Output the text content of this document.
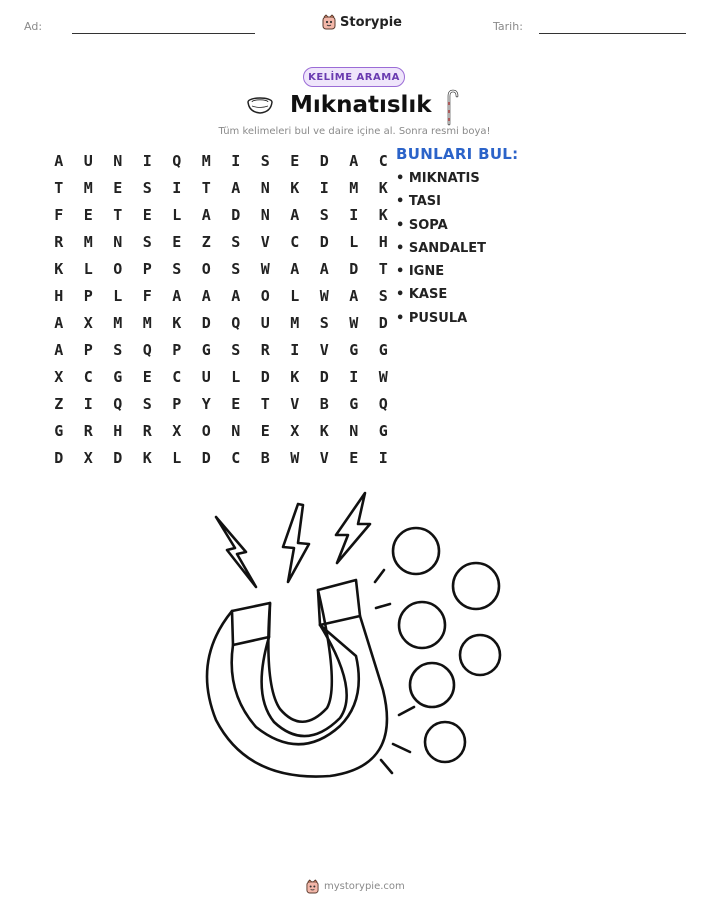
Ad:	Tarih:
Storypie
KELİME ARAMA
Mıknatıslık
Tüm kelimeleri bul ve daire içine al. Sonra resmi boya!
A	U	N	I	Q	M	I	S	E	D	A	C
T	M	E	S	I	T	A	N	K	I	M	K
F	E	T	E	L	A	D	N	A	S	I	K
R	M	N	S	E	Z	S	V	C	D	L	H
K	L	O	P	S	O	S	W	A	A	D	T
H	P	L	F	A	A	A	O	L	W	A	S
A	X	M	M	K	D	Q	U	M	S	W	D
A	P	S	Q	P	G	S	R	I	V	G	G
X	C	G	E	C	U	L	D	K	D	I	W
Z	I	Q	S	P	Y	E	T	V	B	G	Q
G	R	H	R	X	O	N	E	X	K	N	G
D	X	D	K	L	D	C	B	W	V	E	I
BUNLARI BUL:
• MIKNATIS
• TASI
• SOPA
• SANDALET
• IGNE
• KASE
• PUSULA
mystorypie.com
